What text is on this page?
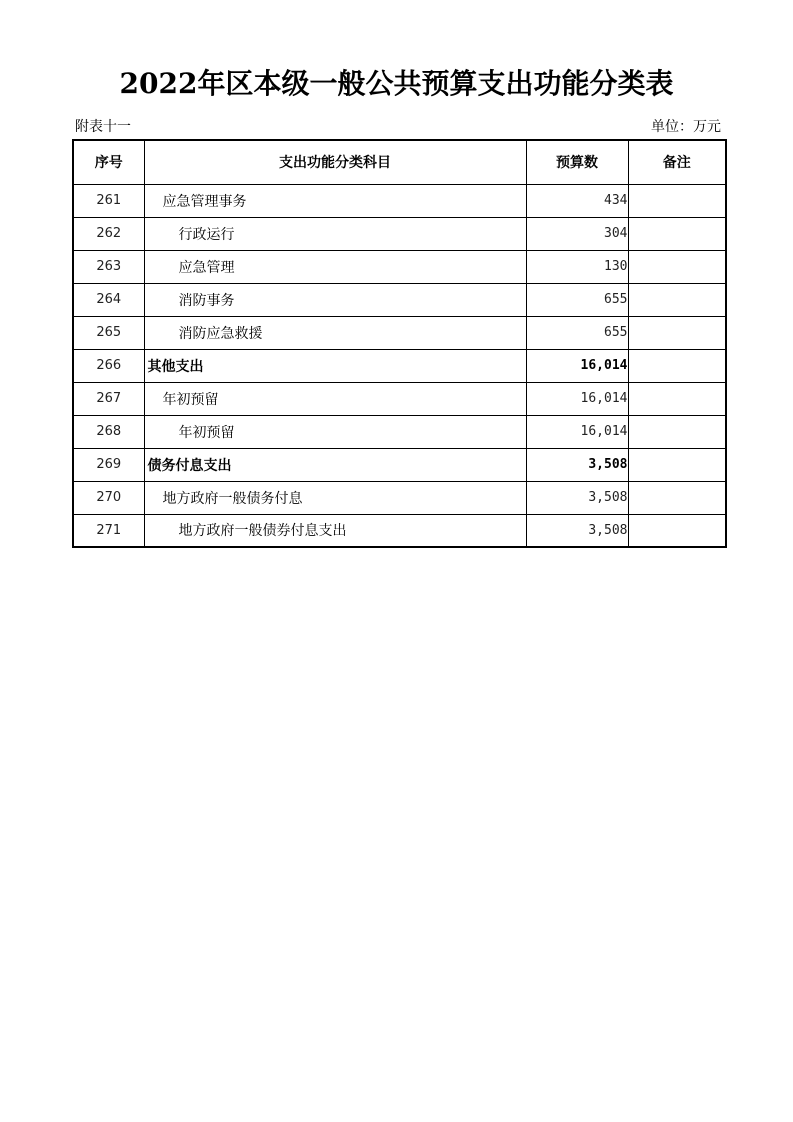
2022年区本级一般公共预算支出功能分类表
附表十一	单位：万元
序号	支出功能分类科目	预算数	备注
261	应急管理事务	434	
262	行政运行	304	
263	应急管理	130	
264	消防事务	655	
265	消防应急救援	655	
266	其他支出	16,014	
267	年初预留	16,014	
268	年初预留	16,014	
269	债务付息支出	3,508	
270	地方政府一般债务付息	3,508	
271	地方政府一般债券付息支出	3,508	
